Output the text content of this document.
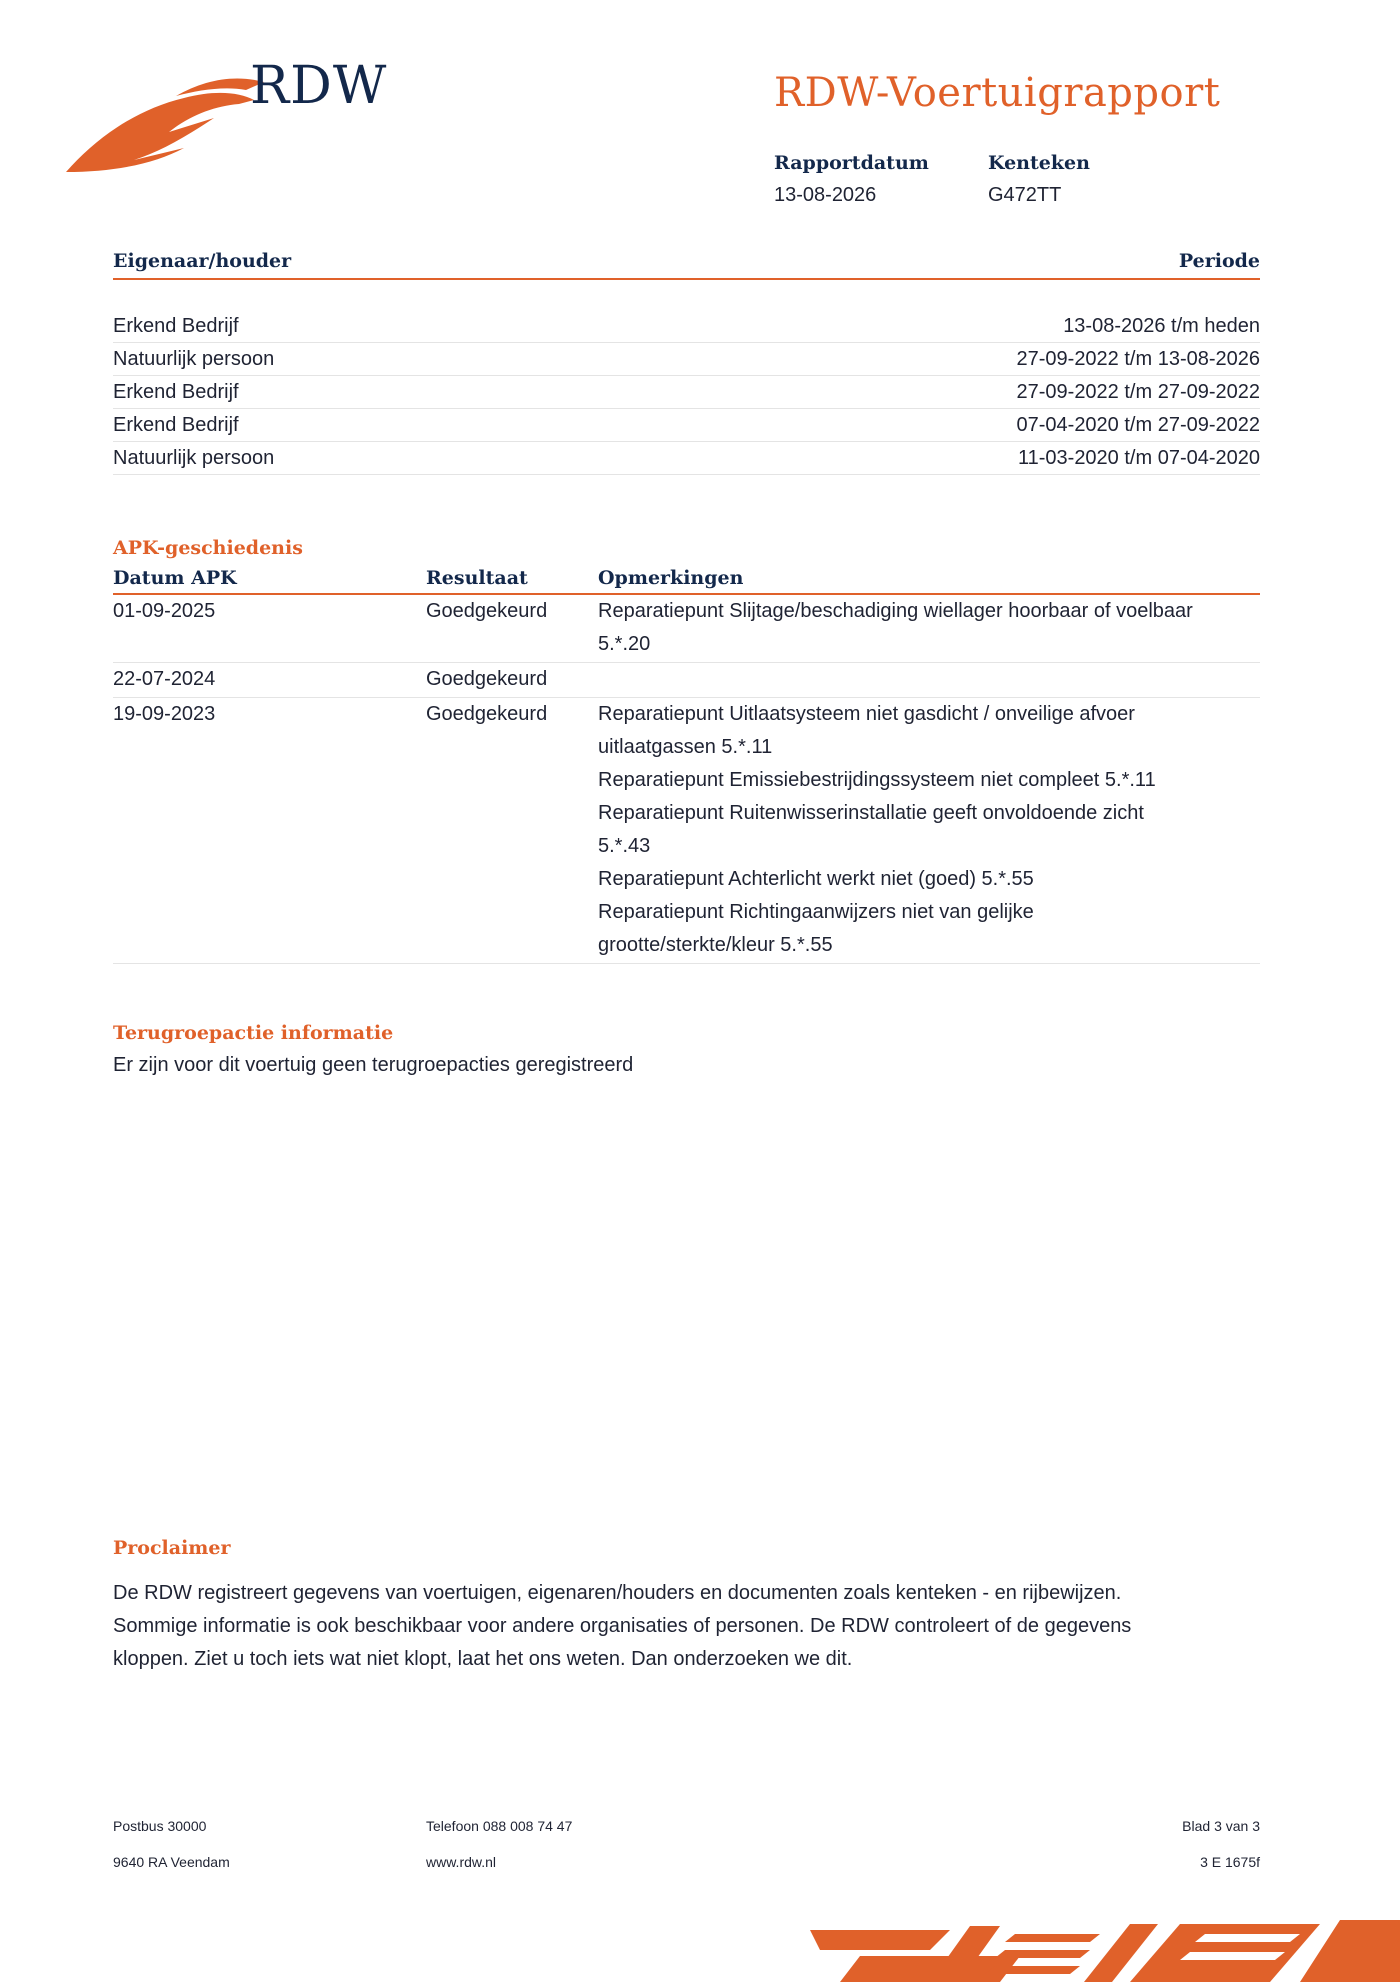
RDW	RDW-Voertuigrapport
Rapportdatum
13-08-2026
Kenteken
G472TT
Eigenaar/houder	Periode
Erkend Bedrijf	13-08-2026 t/m heden
Natuurlijk persoon	27-09-2022 t/m 13-08-2026
Erkend Bedrijf	27-09-2022 t/m 27-09-2022
Erkend Bedrijf	07-04-2020 t/m 27-09-2022
Natuurlijk persoon	11-03-2020 t/m 07-04-2020
APK-geschiedenis
Datum APK	Resultaat	Opmerkingen
01-09-2025	Goedgekeurd	Reparatiepunt Slijtage/beschadiging wiellager hoorbaar of voelbaar
5.*.20
22-07-2024	Goedgekeurd
19-09-2023	Goedgekeurd	Reparatiepunt Uitlaatsysteem niet gasdicht / onveilige afvoer
uitlaatgassen 5.*.11
Reparatiepunt Emissiebestrijdingssysteem niet compleet 5.*.11
Reparatiepunt Ruitenwisserinstallatie geeft onvoldoende zicht
5.*.43
Reparatiepunt Achterlicht werkt niet (goed) 5.*.55
Reparatiepunt Richtingaanwijzers niet van gelijke
grootte/sterkte/kleur 5.*.55
Terugroepactie informatie
Er zijn voor dit voertuig geen terugroepacties geregistreerd
Proclaimer
De RDW registreert gegevens van voertuigen, eigenaren/houders en documenten zoals kenteken - en rijbewijzen.
Sommige informatie is ook beschikbaar voor andere organisaties of personen. De RDW controleert of de gegevens
kloppen. Ziet u toch iets wat niet klopt, laat het ons weten. Dan onderzoeken we dit.
Postbus 30000
9640 RA Veendam
Telefoon 088 008 74 47
www.rdw.nl
Blad 3 van 3
3 E 1675f
